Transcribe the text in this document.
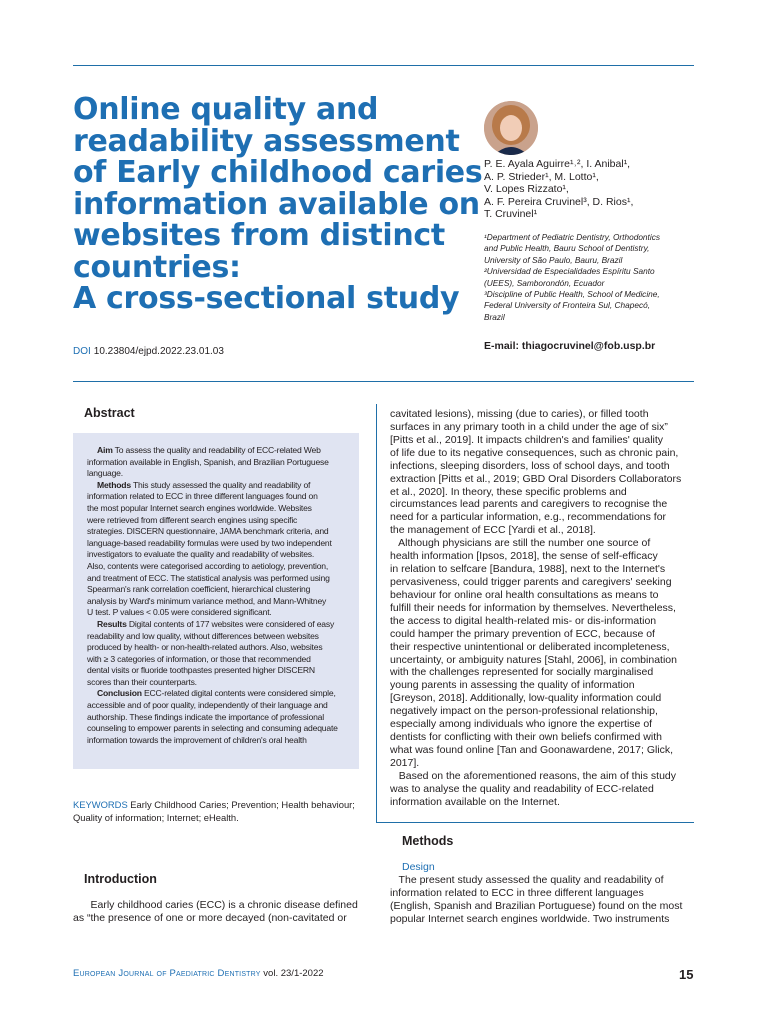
Online quality and
readability assessment
of Early childhood caries
information available on
websites from distinct
countries:
A cross-sectional study
DOI 10.23804/ejpd.2022.23.01.03
P. E. Ayala Aguirre¹˒², I. Anibal¹,
A. P. Strieder¹, M. Lotto¹,
V. Lopes Rizzato¹,
A. F. Pereira Cruvinel³, D. Rios¹,
T. Cruvinel¹
¹Department of Pediatric Dentistry, Orthodontics
and Public Health, Bauru School of Dentistry,
University of São Paulo, Bauru, Brazil
²Universidad de Especialidades Espíritu Santo
(UEES), Samborondón, Ecuador
³Discipline of Public Health, School of Medicine,
Federal University of Fronteira Sul, Chapecó,
Brazil
E-mail: thiagocruvinel@fob.usp.br
Abstract
Aim To assess the quality and readability of ECC-related Web
information available in English, Spanish, and Brazilian Portuguese
language.
Methods This study assessed the quality and readability of
information related to ECC in three different languages found on
the most popular Internet search engines worldwide. Websites
were retrieved from different search engines using specific
strategies. DISCERN questionnaire, JAMA benchmark criteria, and
language-based readability formulas were used by two independent
investigators to evaluate the quality and readability of websites.
Also, contents were categorised according to aetiology, prevention,
and treatment of ECC. The statistical analysis was performed using
Spearman's rank correlation coefficient, hierarchical clustering
analysis by Ward's minimum variance method, and Mann-Whitney
U test. P values < 0.05 were considered significant.
Results Digital contents of 177 websites were considered of easy
readability and low quality, without differences between websites
produced by health- or non-health-related authors. Also, websites
with ≥ 3 categories of information, or those that recommended
dental visits or fluoride toothpastes presented higher DISCERN
scores than their counterparts.
Conclusion ECC-related digital contents were considered simple,
accessible and of poor quality, independently of their language and
authorship. These findings indicate the importance of professional
counseling to empower parents in selecting and consuming adequate
information towards the improvement of children's oral health
KEYWORDS Early Childhood Caries; Prevention; Health behaviour;
Quality of information; Internet; eHealth.
Introduction
Early childhood caries (ECC) is a chronic disease defined
as “the presence of one or more decayed (non-cavitated or
cavitated lesions), missing (due to caries), or filled tooth
surfaces in any primary tooth in a child under the age of six”
[Pitts et al., 2019]. It impacts children's and families' quality
of life due to its negative consequences, such as chronic pain,
infections, sleeping disorders, loss of school days, and tooth
extraction [Pitts et al., 2019; GBD Oral Disorders Collaborators
et al., 2020]. In theory, these specific problems and
circumstances lead parents and caregivers to recognise the
need for a particular information, e.g., recommendations for
the management of ECC [Yardi et al., 2018].
Although physicians are still the number one source of
health information [Ipsos, 2018], the sense of self-efficacy
in relation to selfcare [Bandura, 1988], next to the Internet's
pervasiveness, could trigger parents and caregivers' seeking
behaviour for online oral health consultations as means to
fulfill their needs for information by themselves. Nevertheless,
the access to digital health-related mis- or dis-information
could hamper the primary prevention of ECC, because of
their respective unintentional or deliberated incompleteness,
uncertainty, or ambiguity natures [Stahl, 2006], in combination
with the challenges represented for socially marginalised
young parents in assessing the quality of information
[Greyson, 2018]. Additionally, low-quality information could
negatively impact on the person-professional relationship,
especially among individuals who ignore the expertise of
dentists for conflicting with their own beliefs confirmed with
what was found online [Tan and Goonawardene, 2017; Glick,
2017].
Based on the aforementioned reasons, the aim of this study
was to analyse the quality and readability of ECC-related
information available on the Internet.
Methods
Design
The present study assessed the quality and readability of
information related to ECC in three different languages
(English, Spanish and Brazilian Portuguese) found on the most
popular Internet search engines worldwide. Two instruments
European Journal of Paediatric Dentistry vol. 23/1-2022	15
